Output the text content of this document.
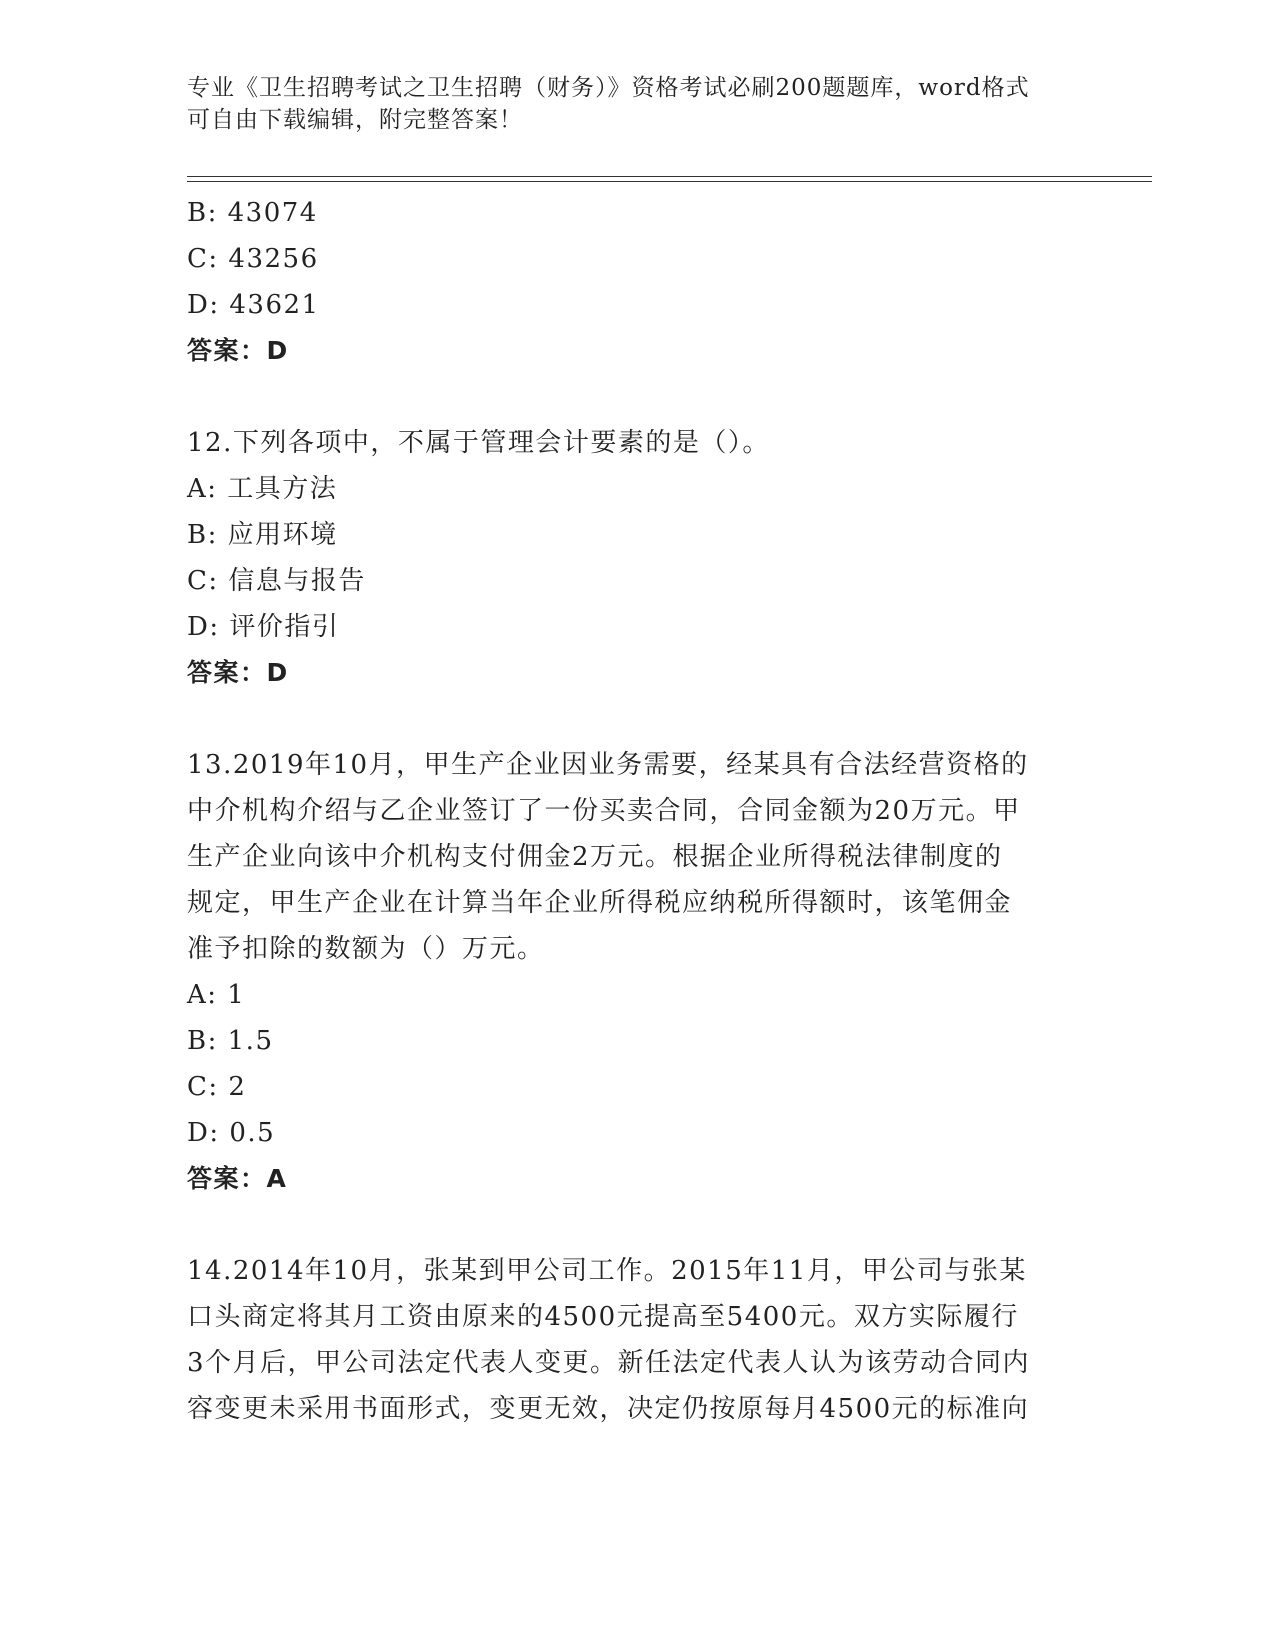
专业《卫生招聘考试之卫生招聘（财务）》资格考试必刷200题题库，word格式
可自由下载编辑，附完整答案！

B: 43074

C: 43256

D: 43621

答案：D

12.下列各项中，不属于管理会计要素的是（）。

A: 工具方法

B: 应用环境

C: 信息与报告

D: 评价指引

答案：D

13.2019年10月，甲生产企业因业务需要，经某具有合法经营资格的

中介机构介绍与乙企业签订了一份买卖合同，合同金额为20万元。甲

生产企业向该中介机构支付佣金2万元。根据企业所得税法律制度的

规定，甲生产企业在计算当年企业所得税应纳税所得额时，该笔佣金

准予扣除的数额为（）万元。

A: 1

B: 1.5

C: 2

D: 0.5

答案：A

14.2014年10月，张某到甲公司工作。2015年11月，甲公司与张某

口头商定将其月工资由原来的4500元提高至5400元。双方实际履行

3个月后，甲公司法定代表人变更。新任法定代表人认为该劳动合同内

容变更未采用书面形式，变更无效，决定仍按原每月4500元的标准向
